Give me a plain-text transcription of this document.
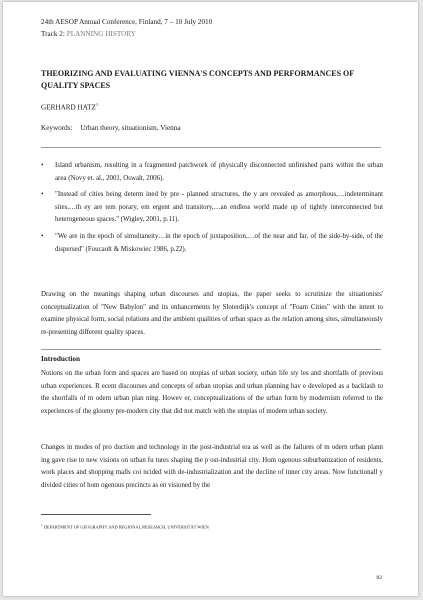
24th AESOP Annual Conference, Finland, 7 – 10 July 2010
Track 2: PLANNING HISTORY
THEORIZING AND EVALUATING VIENNA'S CONCEPTS AND PERFORMANCES OF QUALITY SPACES
GERHARD HATZ$^1$
Keywords: Urban theory, situationism, Vienna
• Island urbanism, resulting in a fragmented patchwork of physically disconnected unfinished parts within the urban area (Novy et. al., 2001, Oswalt, 2006).
• "Instead of cities being determ ined by pre - planned structures, the y are revealed as amorphous,…indeterminant sites,…th ey are tem porary, em ergent and transitory,…an endless world made up of tightly interconnected but heterogeneous spaces." (Wigley, 2001, p.11).
• "We are in the epoch of simultaneity…in the epoch of juxtaposition,…of the near and far, of the side-by-side, of the dispersed" (Foucault & Miskowiec 1986, p.22).

Drawing on the meanings shaping urban discourses and utopias, the paper seeks to scrutinize the situationists' conceptualization of "New Babylon" and its enhancements by Sloterdijk's concept of "Foam Cities" with the intent to examine physical form, social relations and the ambient qualities of urban space as the relation among sites, simultaneously re-presenting different quality spaces.

Introduction

Notions on the urban form and spaces are based on utopias of urban society, urban life sty les and shortfalls of previous urban experiences. R ecent discourses and concepts of urban utopias and urban planning hav e developed as a backlash to the shortfalls of m odern urban plan ning. Howev er, conceptualizations of the urban form by modernism referred to the experiences of the gloomy pre-modern city that did not match with the utopias of modern urban society.

Changes in modes of pro duction and technology in the post-industrial era as well as the failures of m odern urban plann ing gave rise to new visions on urban fu tures shaping the p ost-industrial city. Hom ogenous suburbanization of residents, work places and shopping malls coi ncided with de-industrialization and the decline of inner city areas. Now functionall y divided cities of hom ogenous precincts as en visioned by the

$^1$ DEPARTMENT OF GEOGRAPHY AND REGIONAL RESEARCH, UNIVERSITÄT WIEN
82
